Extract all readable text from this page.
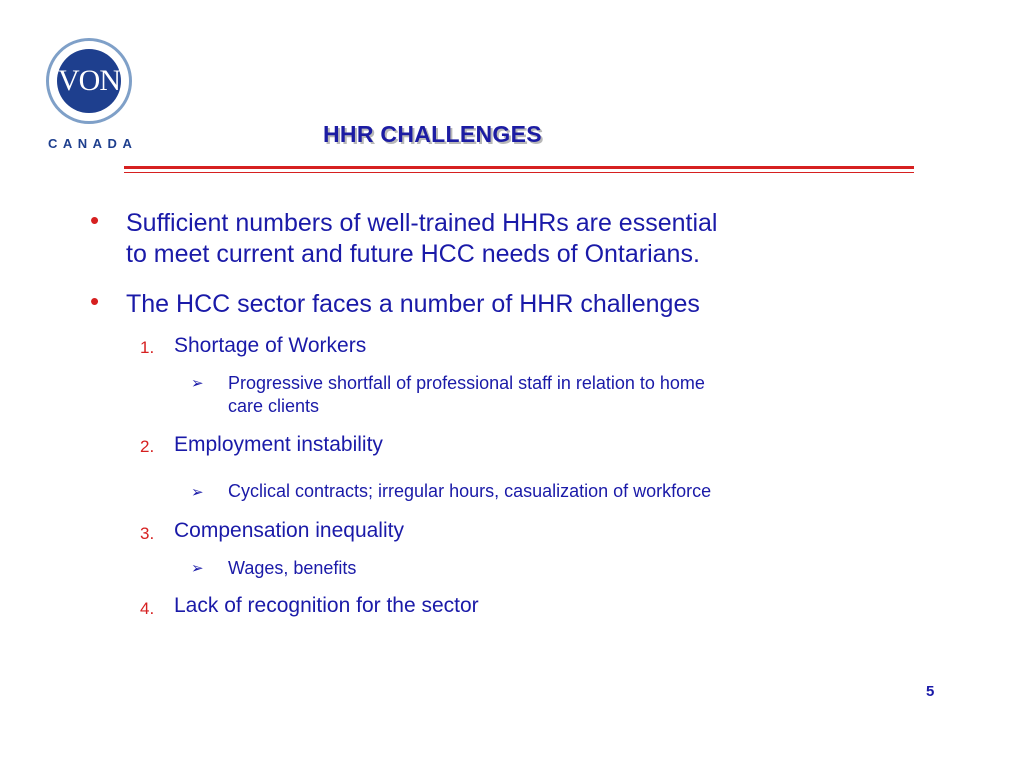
VON
CANADA	HHR CHALLENGES
• Sufficient numbers of well-trained HHRs are essential
to meet current and future HCC needs of Ontarians.
• The HCC sector faces a number of HHR challenges
1. Shortage of Workers
➢ Progressive shortfall of professional staff in relation to home
care clients
2. Employment instability
➢ Cyclical contracts; irregular hours, casualization of workforce
3. Compensation inequality
➢ Wages, benefits
4. Lack of recognition for the sector
5
